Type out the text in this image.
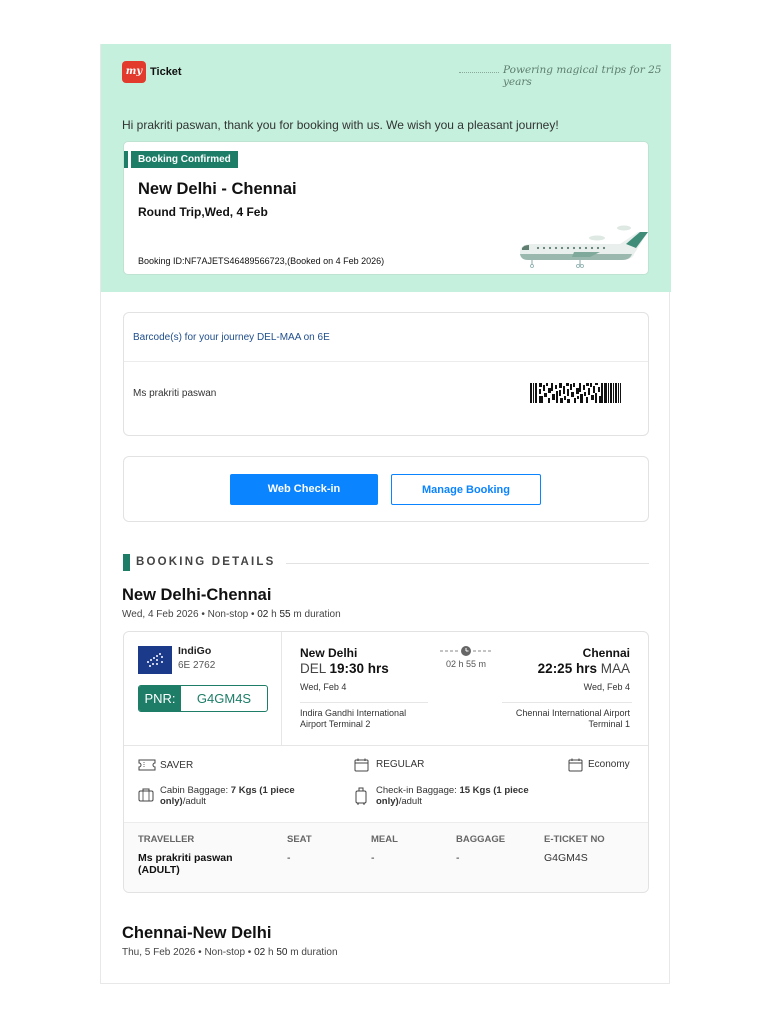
my Ticket	Powering magical trips for 25 years
Hi prakriti paswan, thank you for booking with us. We wish you a pleasant journey!
Booking Confirmed
New Delhi - Chennai
Round Trip,Wed, 4 Feb
Booking ID:NF7AJETS46489566723,(Booked on 4 Feb 2026)
Barcode(s) for your journey DEL-MAA on 6E
Ms prakriti paswan
Web Check-in	Manage Booking
BOOKING DETAILS
New Delhi-Chennai
Wed, 4 Feb 2026 • Non-stop • 02 h 55 m duration
IndiGo
6E 2762
PNR:	G4GM4S
New Delhi
DEL 19:30 hrs
Wed, Feb 4
Indira Gandhi International Airport Terminal 2
02 h 55 m
Chennai
22:25 hrs MAA
Wed, Feb 4
Chennai International Airport Terminal 1
SAVER	REGULAR	Economy
Cabin Baggage: 7 Kgs (1 piece only)/adult
Check-in Baggage: 15 Kgs (1 piece only)/adult
TRAVELLER	SEAT	MEAL	BAGGAGE	E-TICKET NO
Ms prakriti paswan (ADULT)
-	-	-	G4GM4S
Chennai-New Delhi
Thu, 5 Feb 2026 • Non-stop • 02 h 50 m duration
